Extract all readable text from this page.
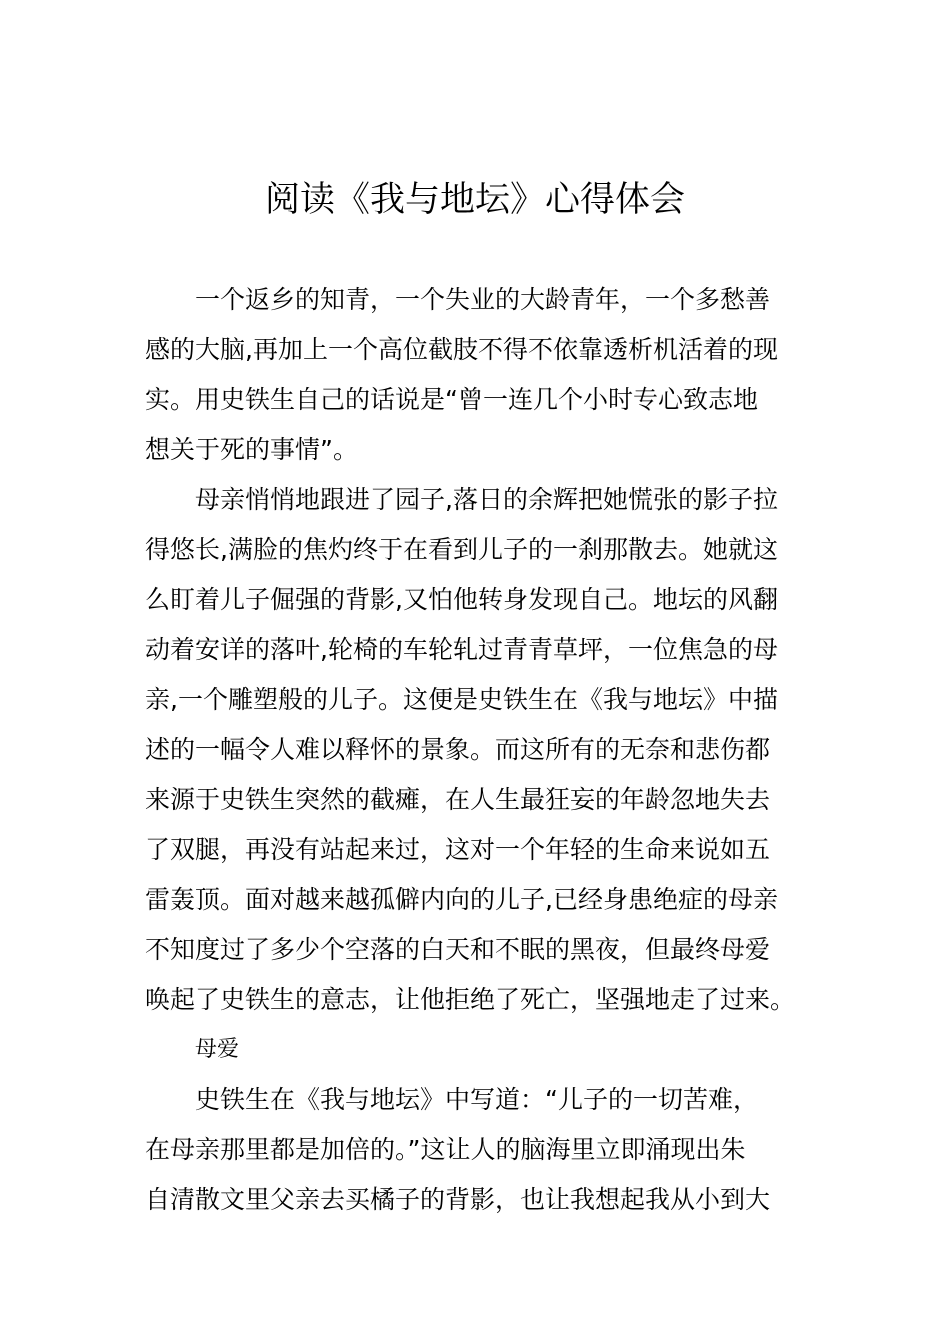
阅读《我与地坛》心得体会
一个返乡的知青，一个失业的大龄青年，一个多愁善
感的大脑,再加上一个高位截肢不得不依靠透析机活着的现
实。用史铁生自己的话说是“曾一连几个小时专心致志地
想关于死的事情”。
母亲悄悄地跟进了园子,落日的余辉把她慌张的影子拉
得悠长,满脸的焦灼终于在看到儿子的一刹那散去。她就这
么盯着儿子倔强的背影,又怕他转身发现自己。地坛的风翻
动着安详的落叶,轮椅的车轮轧过青青草坪，一位焦急的母
亲,一个雕塑般的儿子。这便是史铁生在《我与地坛》中描
述的一幅令人难以释怀的景象。而这所有的无奈和悲伤都
来源于史铁生突然的截瘫，在人生最狂妄的年龄忽地失去
了双腿，再没有站起来过，这对一个年轻的生命来说如五
雷轰顶。面对越来越孤僻内向的儿子,已经身患绝症的母亲
不知度过了多少个空落的白天和不眠的黑夜，但最终母爱
唤起了史铁生的意志，让他拒绝了死亡，坚强地走了过来。
母爱
史铁生在《我与地坛》中写道：“儿子的一切苦难，
在母亲那里都是加倍的。”这让人的脑海里立即涌现出朱
自清散文里父亲去买橘子的背影，也让我想起我从小到大
